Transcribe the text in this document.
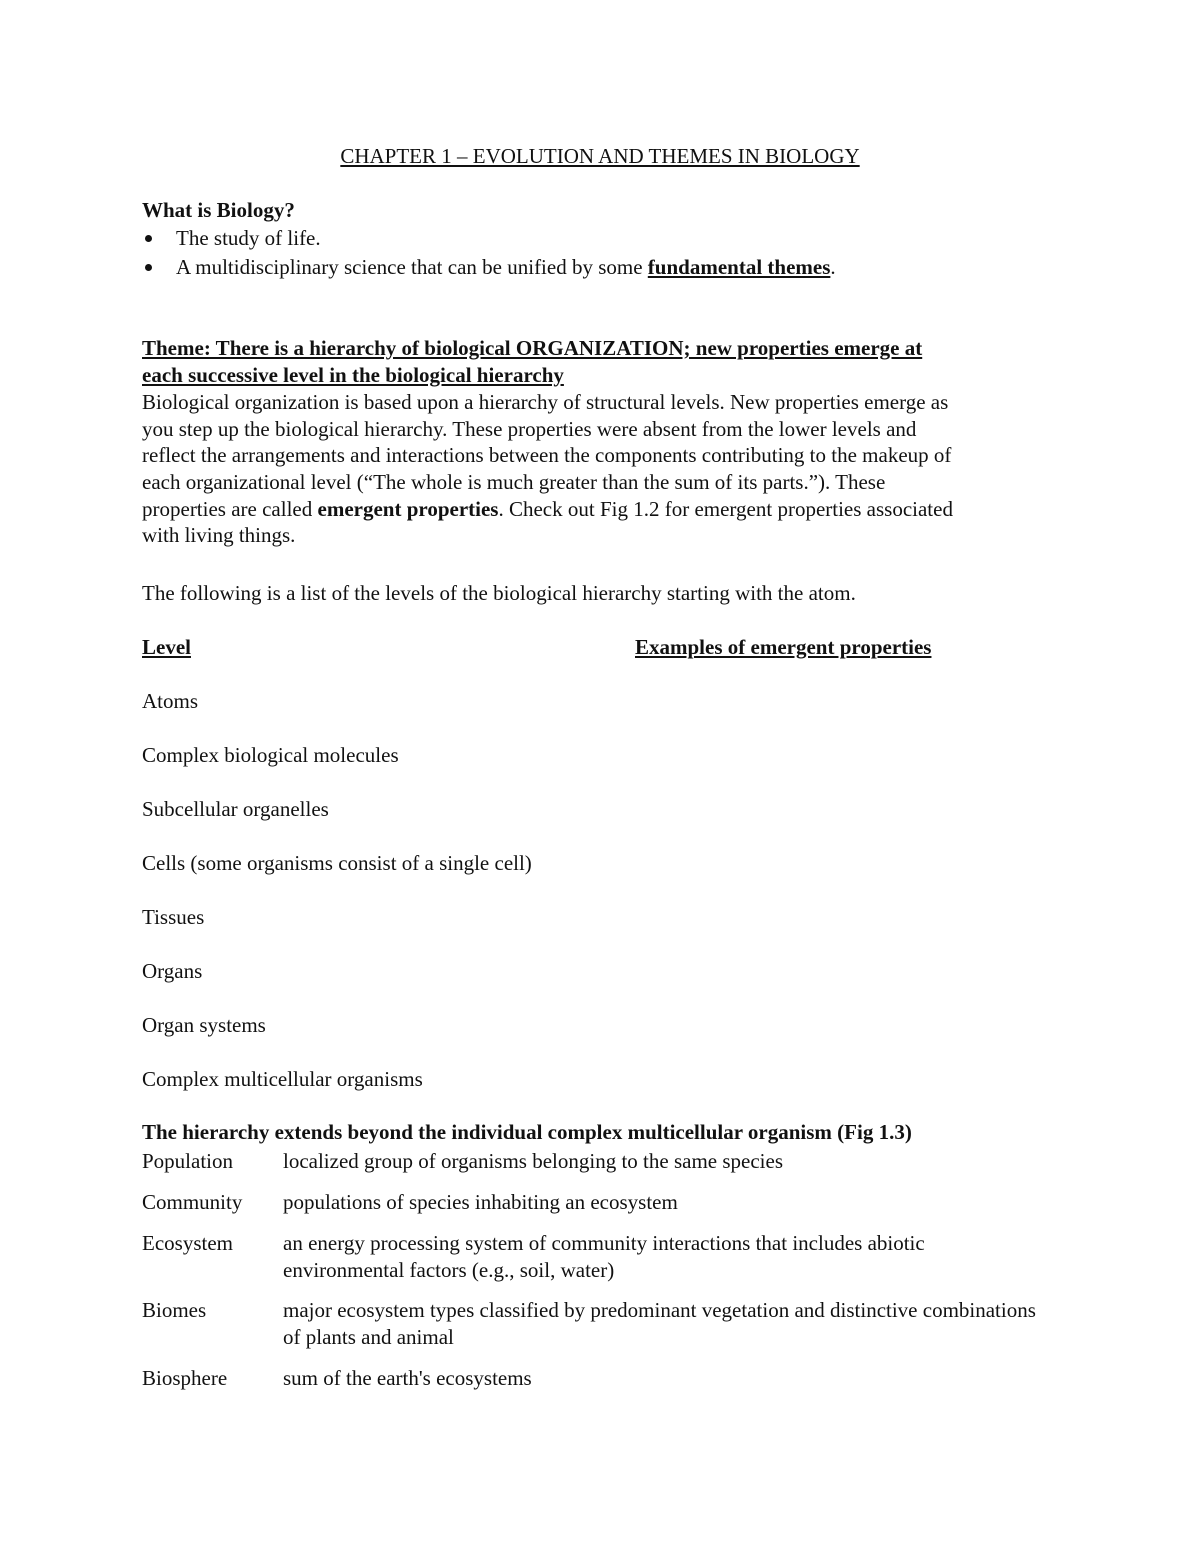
CHAPTER 1 – EVOLUTION AND THEMES IN BIOLOGY
What is Biology?
The study of life.
A multidisciplinary science that can be unified by some fundamental themes.
Theme: There is a hierarchy of biological ORGANIZATION; new properties emerge at
each successive level in the biological hierarchy
Biological organization is based upon a hierarchy of structural levels. New properties emerge as
you step up the biological hierarchy. These properties were absent from the lower levels and
reflect the arrangements and interactions between the components contributing to the makeup of
each organizational level (“The whole is much greater than the sum of its parts.”). These
properties are called emergent properties. Check out Fig 1.2 for emergent properties associated
with living things.
The following is a list of the levels of the biological hierarchy starting with the atom.
Level	Examples of emergent properties
Atoms
Complex biological molecules
Subcellular organelles
Cells (some organisms consist of a single cell)
Tissues
Organs
Organ systems
Complex multicellular organisms
The hierarchy extends beyond the individual complex multicellular organism (Fig 1.3)
Population localized group of organisms belonging to the same species
Community populations of species inhabiting an ecosystem
Ecosystem an energy processing system of community interactions that includes abiotic environmental factors (e.g., soil, water)
Biomes	major ecosystem types classified by predominant vegetation and distinctive combinations of plants and animal
Biosphere	sum of the earth's ecosystems
